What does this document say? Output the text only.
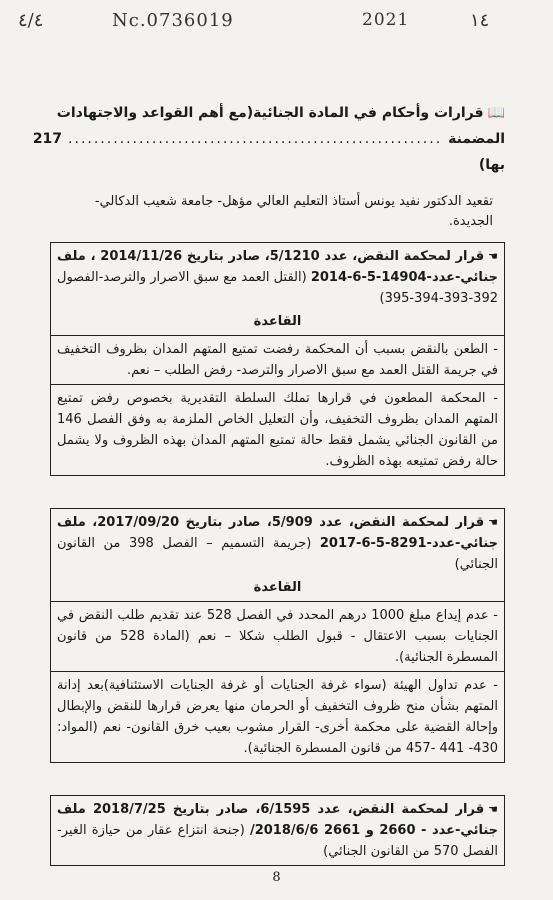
٤/٤	Nc.0736019	2021	١٤
📖قرارات وأحكام في المادة الجنائية(مع أهم القواعد والاجتهادات
المضمنة بها)
..........................................................
217
تقعيد الدكتور نفيد يونس أستاذ التعليم العالي مؤهل- جامعة شعيب الدكالي- الجديدة.
☚قرار لمحكمة النقض، عدد 5/1210، صادر بتاريخ 2014/11/26 ، ملف جنائي-عدد-14904-5-6-2014 (القتل العمد مع سبق الاصرار والترصد-الفصول 392-393-394-395)
القاعدة
- الطعن بالنقض بسبب أن المحكمة رفضت تمتيع المتهم المدان بظروف التخفيف في جريمة القتل العمد مع سبق الاصرار والترصد- رفض الطلب – نعم.
- المحكمة المطعون في قرارها تملك السلطة التقديرية بخصوص رفض تمتيع المتهم المدان بظروف التخفيف، وأن التعليل الخاص الملزمة به وفق الفصل 146 من القانون الجنائي يشمل فقط حالة تمتيع المتهم المدان بهذه الظروف ولا يشمل حالة رفض تمتيعه بهذه الظروف.
☚قرار لمحكمة النقض، عدد 5/909، صادر بتاريخ 2017/09/20، ملف جنائي-عدد-8291-5-6-2017 (جريمة التسميم – الفصل 398 من القانون الجنائي)
القاعدة
- عدم إيداع مبلغ 1000 درهم المحدد في الفصل 528 عند تقديم طلب النقض في الجنايات بسبب الاعتقال - قبول الطلب شكلا – نعم (المادة 528 من قانون المسطرة الجنائية).
- عدم تداول الهيئة (سواء غرفة الجنايات أو غرفة الجنايات الاستئنافية)بعد إدانة المتهم بشأن منح ظروف التخفيف أو الحرمان منها يعرض قرارها للنقض والإبطال وإحالة القضية على محكمة أخرى- القرار مشوب بعيب خرق القانون- نعم (المواد: 430- 441 -457 من قانون المسطرة الجنائية).
☚قرار لمحكمة النقض، عدد 6/1595، صادر بتاريخ 2018/7/25 ملف جنائي-عدد - 2660 و 2661 2018/6/6/ (جنحة انتزاع عقار من حيازة الغير- الفصل 570 من القانون الجنائي)
8
